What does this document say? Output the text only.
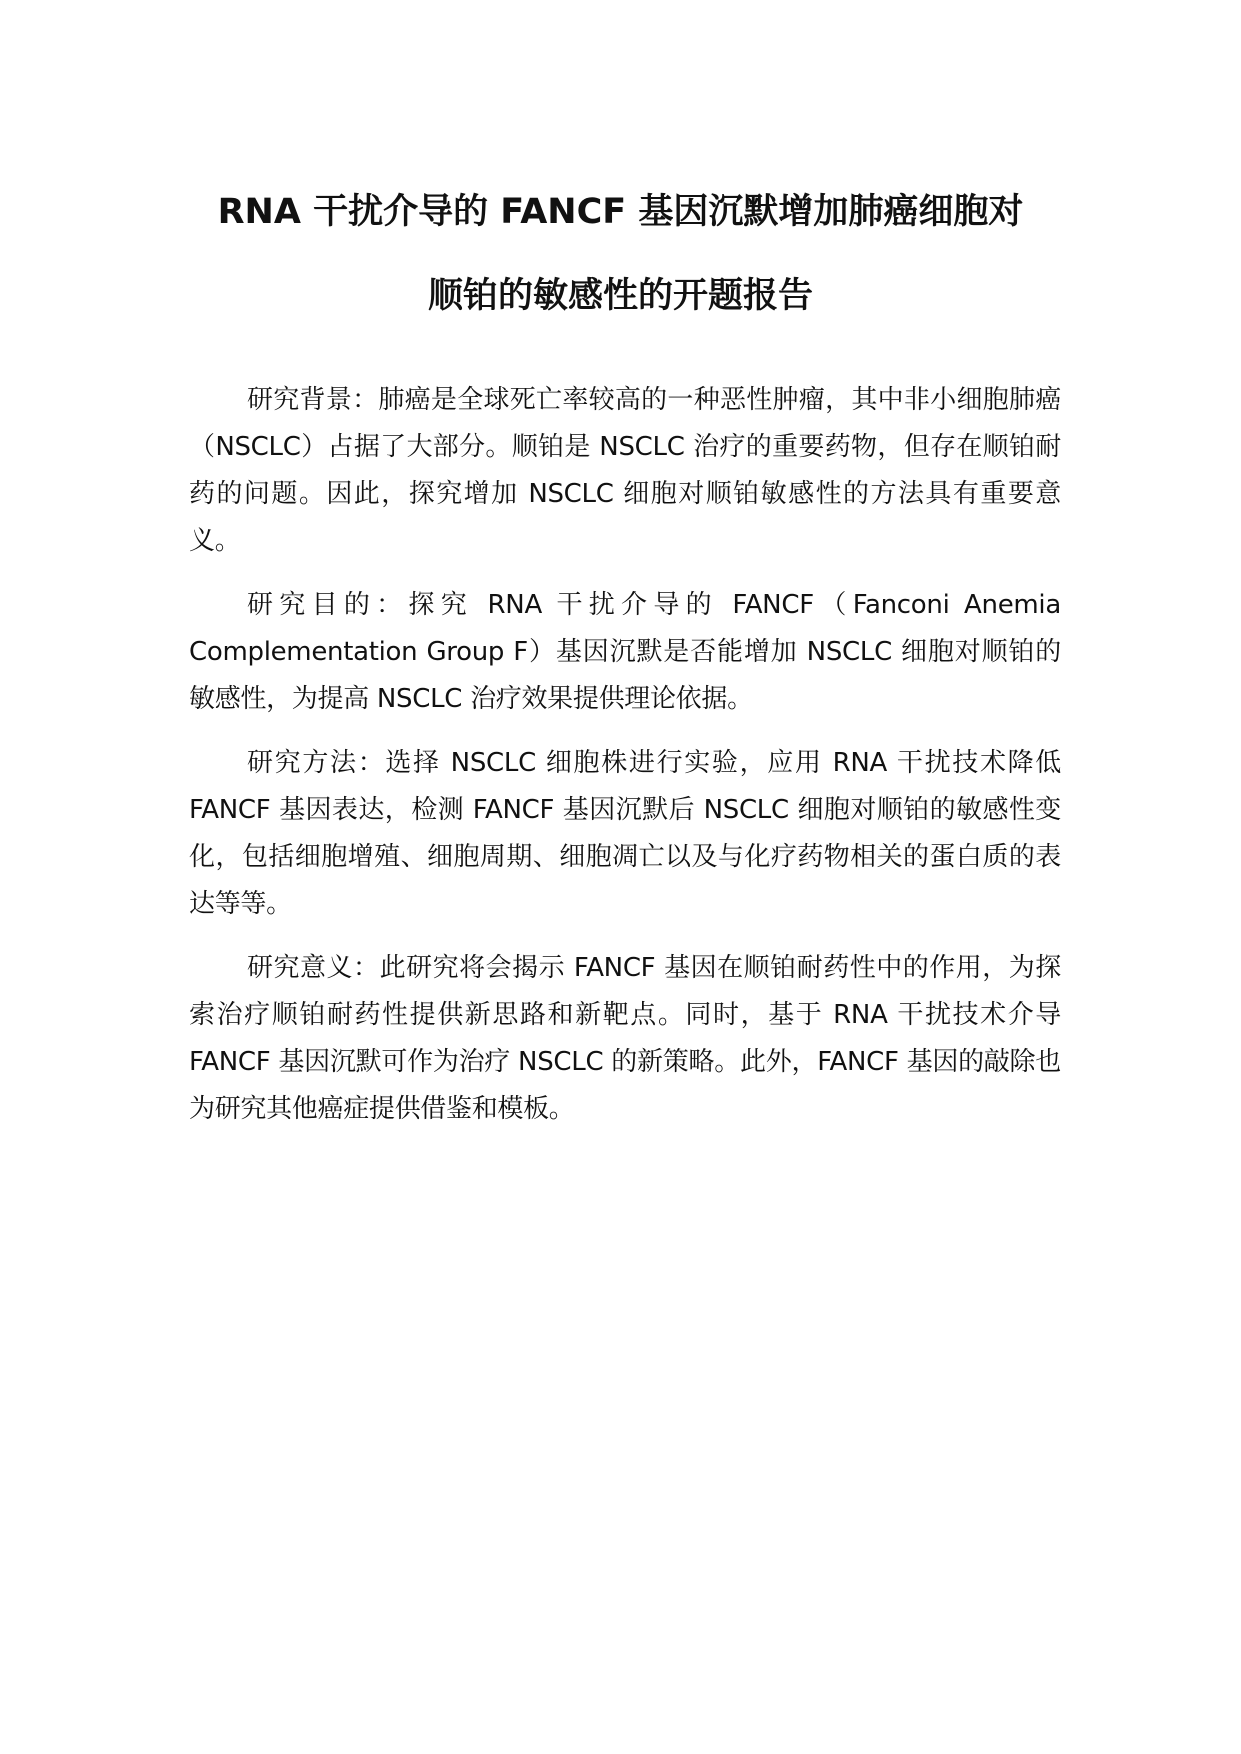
RNA 干扰介导的 FANCF 基因沉默增加肺癌细胞对
顺铂的敏感性的开题报告

研究背景：肺癌是全球死亡率较高的一种恶性肿瘤，其中非小细胞肺癌（NSCLC）占据了大部分。顺铂是 NSCLC 治疗的重要药物，但存在顺铂耐药的问题。因此，探究增加 NSCLC 细胞对顺铂敏感性的方法具有重要意义。

研究目的：探究 RNA 干扰介导的 FANCF（Fanconi Anemia Complementation Group F）基因沉默是否能增加 NSCLC 细胞对顺铂的敏感性，为提高 NSCLC 治疗效果提供理论依据。

研究方法：选择 NSCLC 细胞株进行实验，应用 RNA 干扰技术降低 FANCF 基因表达，检测 FANCF 基因沉默后 NSCLC 细胞对顺铂的敏感性变化，包括细胞增殖、细胞周期、细胞凋亡以及与化疗药物相关的蛋白质的表达等等。

研究意义：此研究将会揭示 FANCF 基因在顺铂耐药性中的作用，为探索治疗顺铂耐药性提供新思路和新靶点。同时，基于 RNA 干扰技术介导 FANCF 基因沉默可作为治疗 NSCLC 的新策略。此外，FANCF 基因的敲除也为研究其他癌症提供借鉴和模板。
